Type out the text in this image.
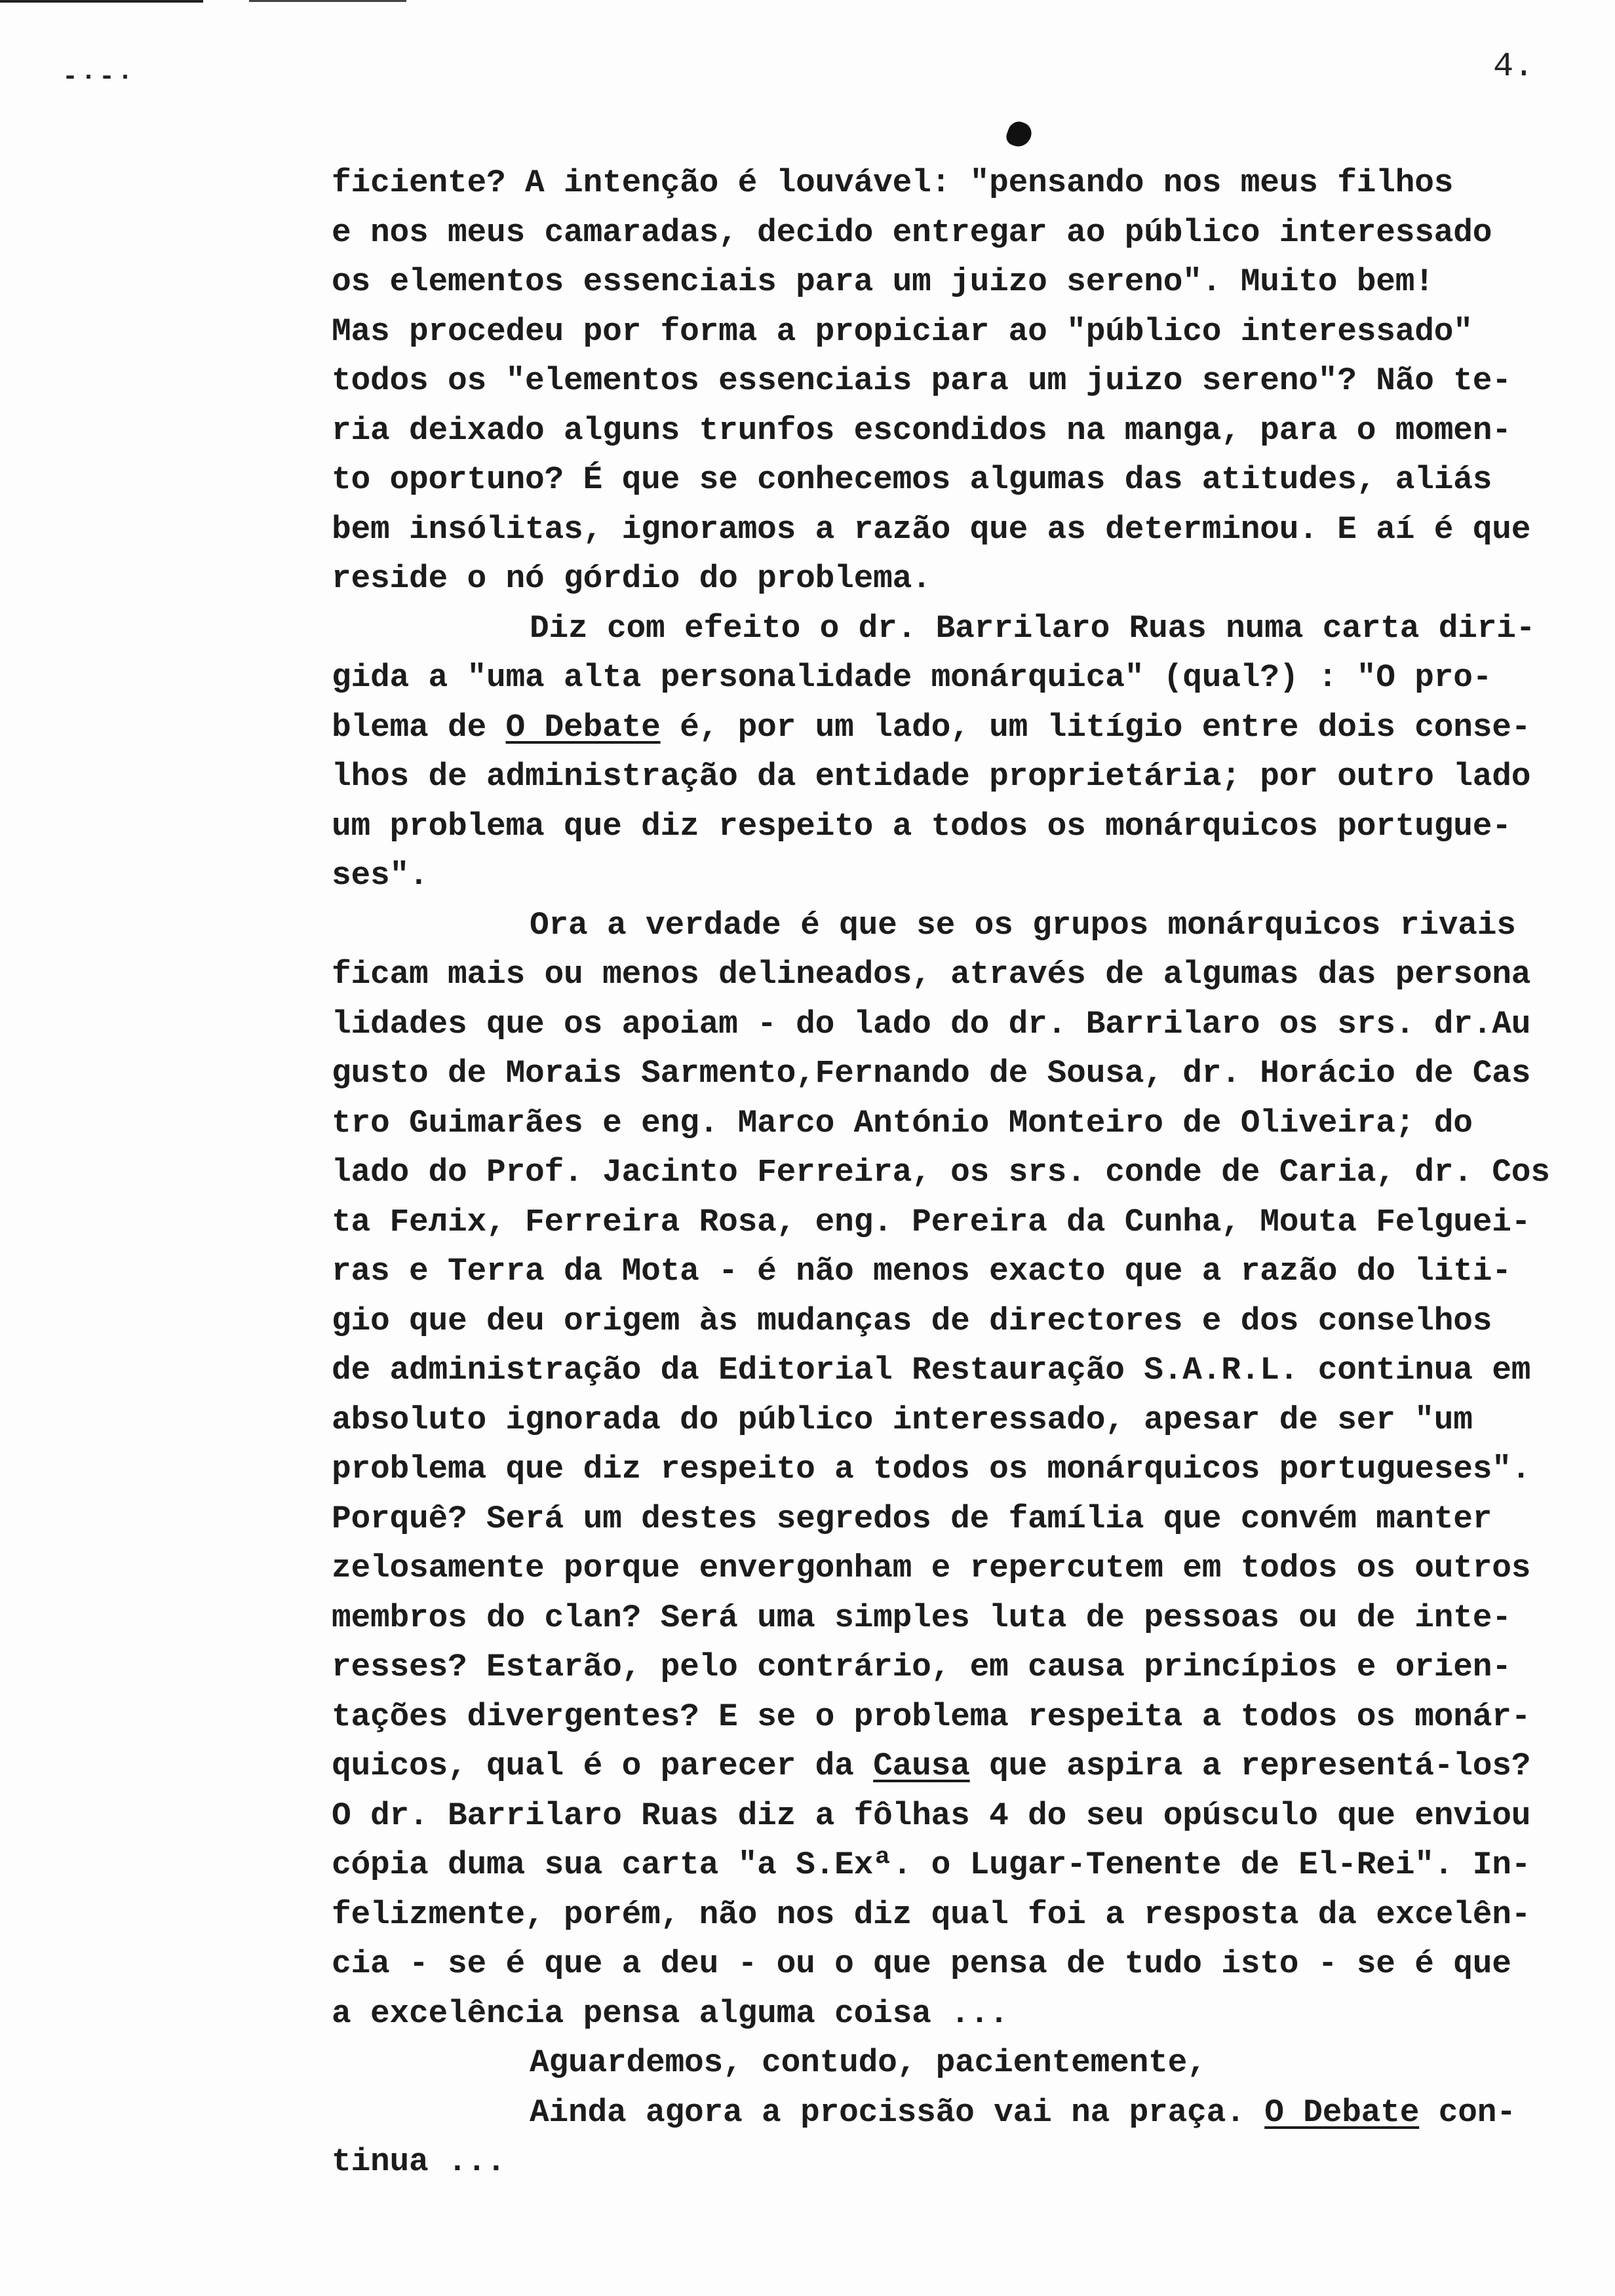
-·-·	4.
ficiente? A intenção é louvável: "pensando nos meus filhos
e nos meus camaradas, decido entregar ao público interessado
os elementos essenciais para um juizo sereno". Muito bem!
Mas procedeu por forma a propiciar ao "público interessado"
todos os "elementos essenciais para um juizo sereno"? Não te-
ria deixado alguns trunfos escondidos na manga, para o momen-
to oportuno? É que se conhecemos algumas das atitudes, aliás
bem insólitas, ignoramos a razão que as determinou. E aí é que
reside o nó górdio do problema.
Diz com efeito o dr. Barrilaro Ruas numa carta diri-
gida a "uma alta personalidade monárquica" (qual?) : "O pro-
blema de O Debate é, por um lado, um litígio entre dois conse-
lhos de administração da entidade proprietária; por outro lado
um problema que diz respeito a todos os monárquicos portugue-
ses".
Ora a verdade é que se os grupos monárquicos rivais
ficam mais ou menos delineados, através de algumas das persona
lidades que os apoiam - do lado do dr. Barrilaro os srs. dr.Au
gusto de Morais Sarmento,Fernando de Sousa, dr. Horácio de Cas
tro Guimarães e eng. Marco António Monteiro de Oliveira; do
lado do Prof. Jacinto Ferreira, os srs. conde de Caria, dr. Cos
ta Feлix, Ferreira Rosa, eng. Pereira da Cunha, Mouta Felguei-
ras e Terra da Mota - é não menos exacto que a razão do liti-
gio que deu origem às mudanças de directores e dos conselhos
de administração da Editorial Restauração S.A.R.L. continua em
absoluto ignorada do público interessado, apesar de ser "um
problema que diz respeito a todos os monárquicos portugueses".
Porquê? Será um destes segredos de família que convém manter
zelosamente porque envergonham e repercutem em todos os outros
membros do clan? Será uma simples luta de pessoas ou de inte-
resses? Estarão, pelo contrário, em causa princípios e orien-
tações divergentes? E se o problema respeita a todos os monár-
quicos, qual é o parecer da Causa que aspira a representá-los?
O dr. Barrilaro Ruas diz a fôlhas 4 do seu opúsculo que enviou
cópia duma sua carta "a S.Exª. o Lugar-Tenente de El-Rei". In-
felizmente, porém, não nos diz qual foi a resposta da excelên-
cia - se é que a deu - ou o que pensa de tudo isto - se é que
a excelência pensa alguma coisa ...
Aguardemos, contudo, pacientemente,
Ainda agora a procissão vai na praça. O Debate con-
tinua ...
